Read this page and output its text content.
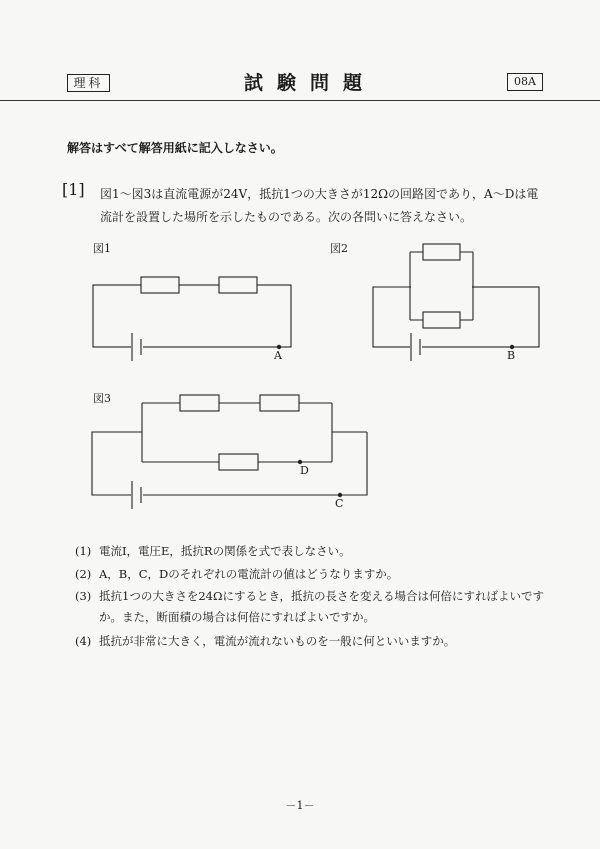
理科	試験問題	08A
解答はすべて解答用紙に記入しなさい。
[1] 図1～図3は直流電源が24V，抵抗1つの大きさが12Ωの回路図であり，A～Dは電流計を設置した場所を示したものである。次の各問いに答えなさい。
図1	図2
図3
A	B
D
C
(1) 電流I，電圧E，抵抗Rの関係を式で表しなさい。
(2) A，B，C，Dのそれぞれの電流計の値はどうなりますか。
(3) 抵抗1つの大きさを24Ωにするとき，抵抗の長さを変える場合は何倍にすればよいです
か。また，断面積の場合は何倍にすればよいですか。
(4) 抵抗が非常に大きく，電流が流れないものを一般に何といいますか。
－1－
